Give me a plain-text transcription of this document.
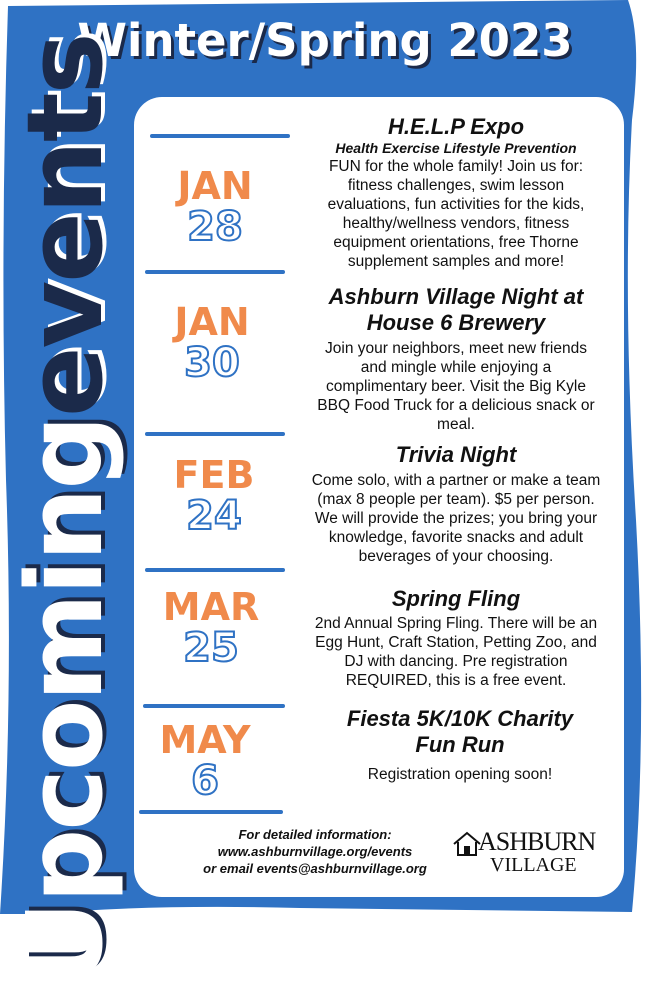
Winter/Spring 2023
Upcomingevents	JAN
28
JAN
30
FEB
24
MAR
25
MAY
6

H.E.L.P Expo

Health Exercise Lifestyle Prevention

FUN for the whole family! Join us for:
fitness challenges, swim lesson
evaluations, fun activities for the kids,
healthy/wellness vendors, fitness
equipment orientations, free Thorne
supplement samples and more!

Ashburn Village Night at
House 6 Brewery

Join your neighbors, meet new friends
and mingle while enjoying a
complimentary beer. Visit the Big Kyle
BBQ Food Truck for a delicious snack or
meal.

Trivia Night

Come solo, with a partner or make a team
(max 8 people per team). $5 per person.
We will provide the prizes; you bring your
knowledge, favorite snacks and adult
beverages of your choosing.

Spring Fling

2nd Annual Spring Fling. There will be an
Egg Hunt, Craft Station, Petting Zoo, and
DJ with dancing. Pre registration
REQUIRED, this is a free event.

Fiesta 5K/10K Charity
Fun Run

Registration opening soon!

For detailed information:
www.ashburnvillage.org/events
or email events@ashburnvillage.org
ASHBURN
VILLAGE
